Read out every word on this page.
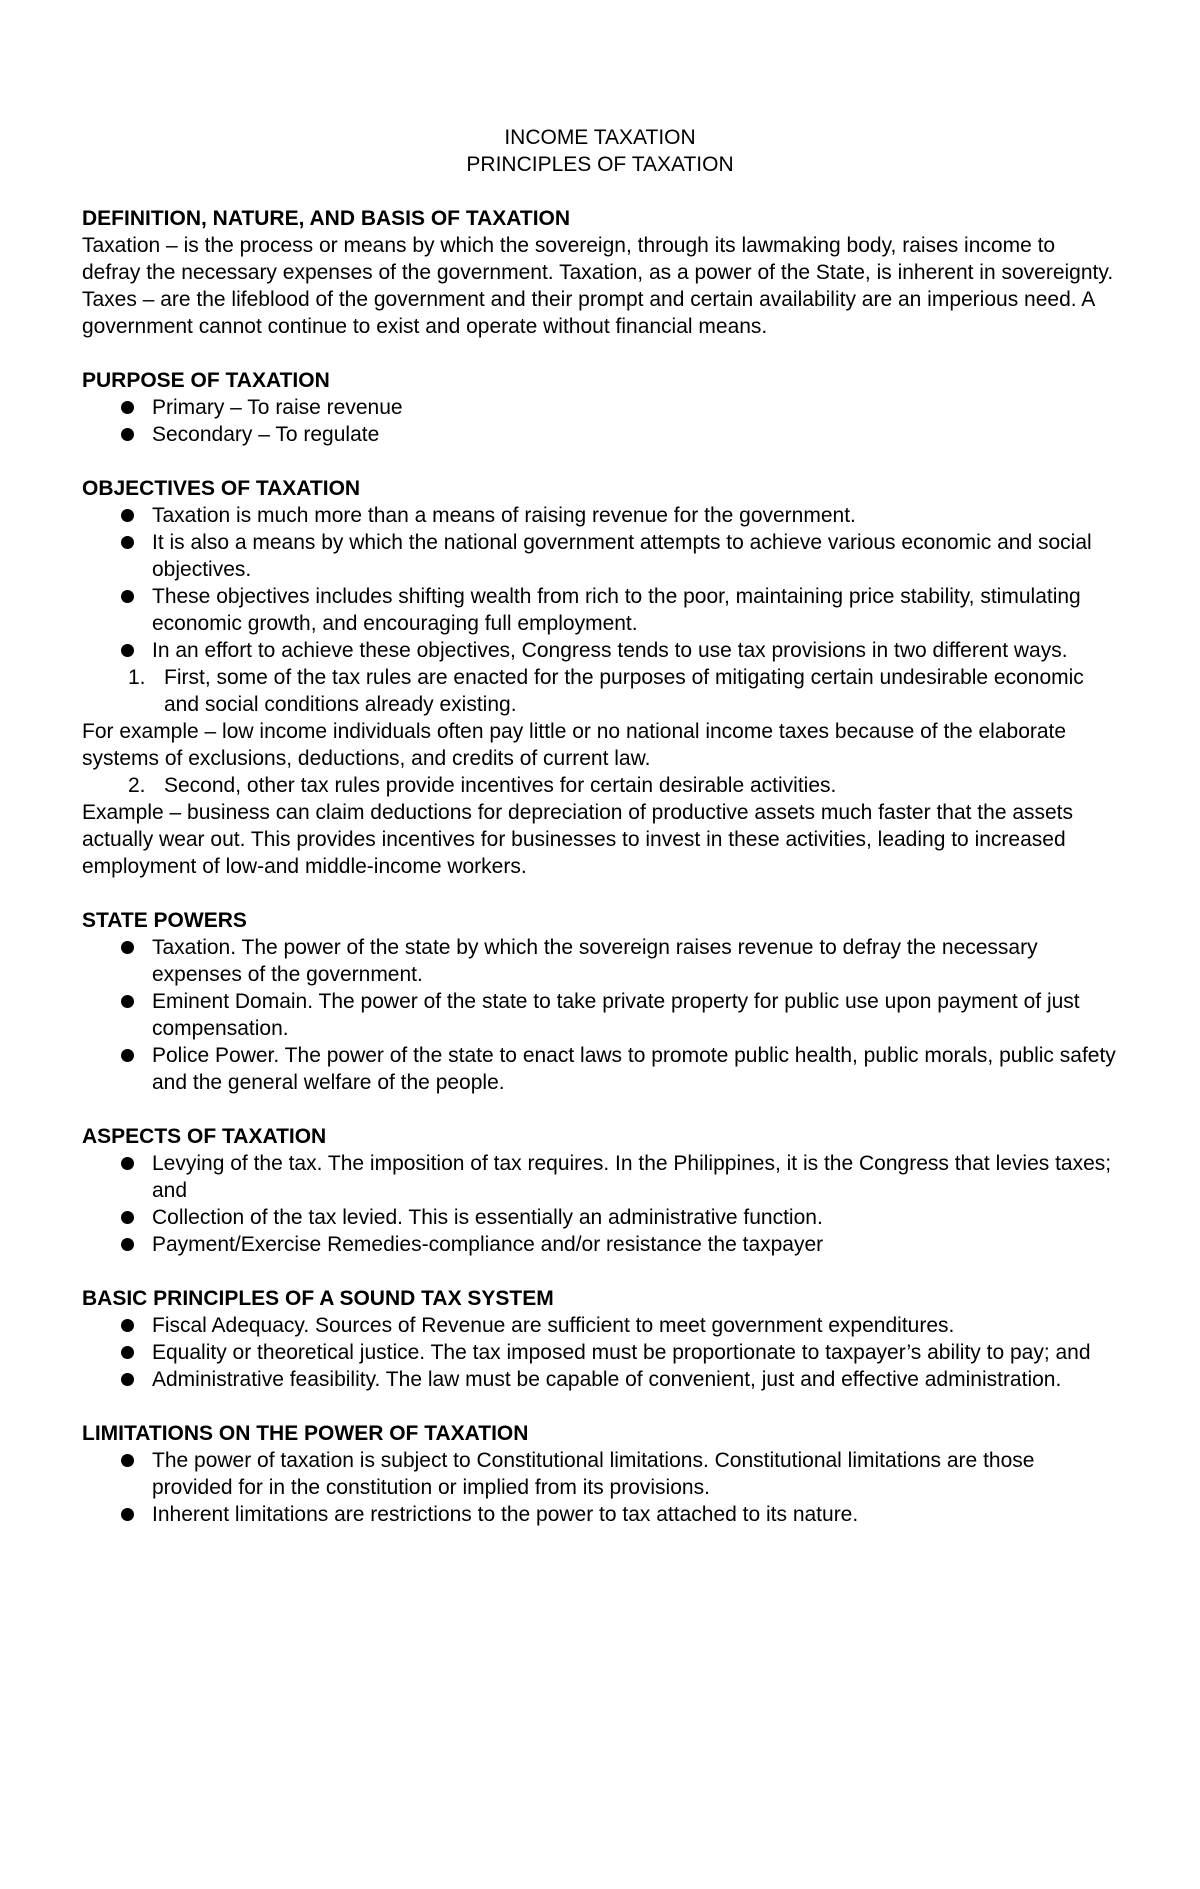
INCOME TAXATION
PRINCIPLES OF TAXATION
DEFINITION, NATURE, AND BASIS OF TAXATION

Taxation – is the process or means by which the sovereign, through its lawmaking body, raises income to defray the necessary expenses of the government. Taxation, as a power of the State, is inherent in sovereignty.

Taxes – are the lifeblood of the government and their prompt and certain availability are an imperious need. A government cannot continue to exist and operate without financial means.

PURPOSE OF TAXATION
Primary – To raise revenue
Secondary – To regulate
OBJECTIVES OF TAXATION
Taxation is much more than a means of raising revenue for the government.
It is also a means by which the national government attempts to achieve various economic and social objectives.
These objectives includes shifting wealth from rich to the poor, maintaining price stability, stimulating economic growth, and encouraging full employment.
In an effort to achieve these objectives, Congress tends to use tax provisions in two different ways.
1. First, some of the tax rules are enacted for the purposes of mitigating certain undesirable economic and social conditions already existing.

For example – low income individuals often pay little or no national income taxes because of the elaborate systems of exclusions, deductions, and credits of current law.

2. Second, other tax rules provide incentives for certain desirable activities.

Example – business can claim deductions for depreciation of productive assets much faster that the assets actually wear out. This provides incentives for businesses to invest in these activities, leading to increased employment of low-and middle-income workers.

STATE POWERS
Taxation. The power of the state by which the sovereign raises revenue to defray the necessary expenses of the government.
Eminent Domain. The power of the state to take private property for public use upon payment of just compensation.
Police Power. The power of the state to enact laws to promote public health, public morals, public safety and the general welfare of the people.
ASPECTS OF TAXATION
Levying of the tax. The imposition of tax requires. In the Philippines, it is the Congress that levies taxes; and
Collection of the tax levied. This is essentially an administrative function.
Payment/Exercise Remedies-compliance and/or resistance the taxpayer
BASIC PRINCIPLES OF A SOUND TAX SYSTEM
Fiscal Adequacy. Sources of Revenue are sufficient to meet government expenditures.
Equality or theoretical justice. The tax imposed must be proportionate to taxpayer’s ability to pay; and
Administrative feasibility. The law must be capable of convenient, just and effective administration.
LIMITATIONS ON THE POWER OF TAXATION
The power of taxation is subject to Constitutional limitations. Constitutional limitations are those provided for in the constitution or implied from its provisions.
Inherent limitations are restrictions to the power to tax attached to its nature.
